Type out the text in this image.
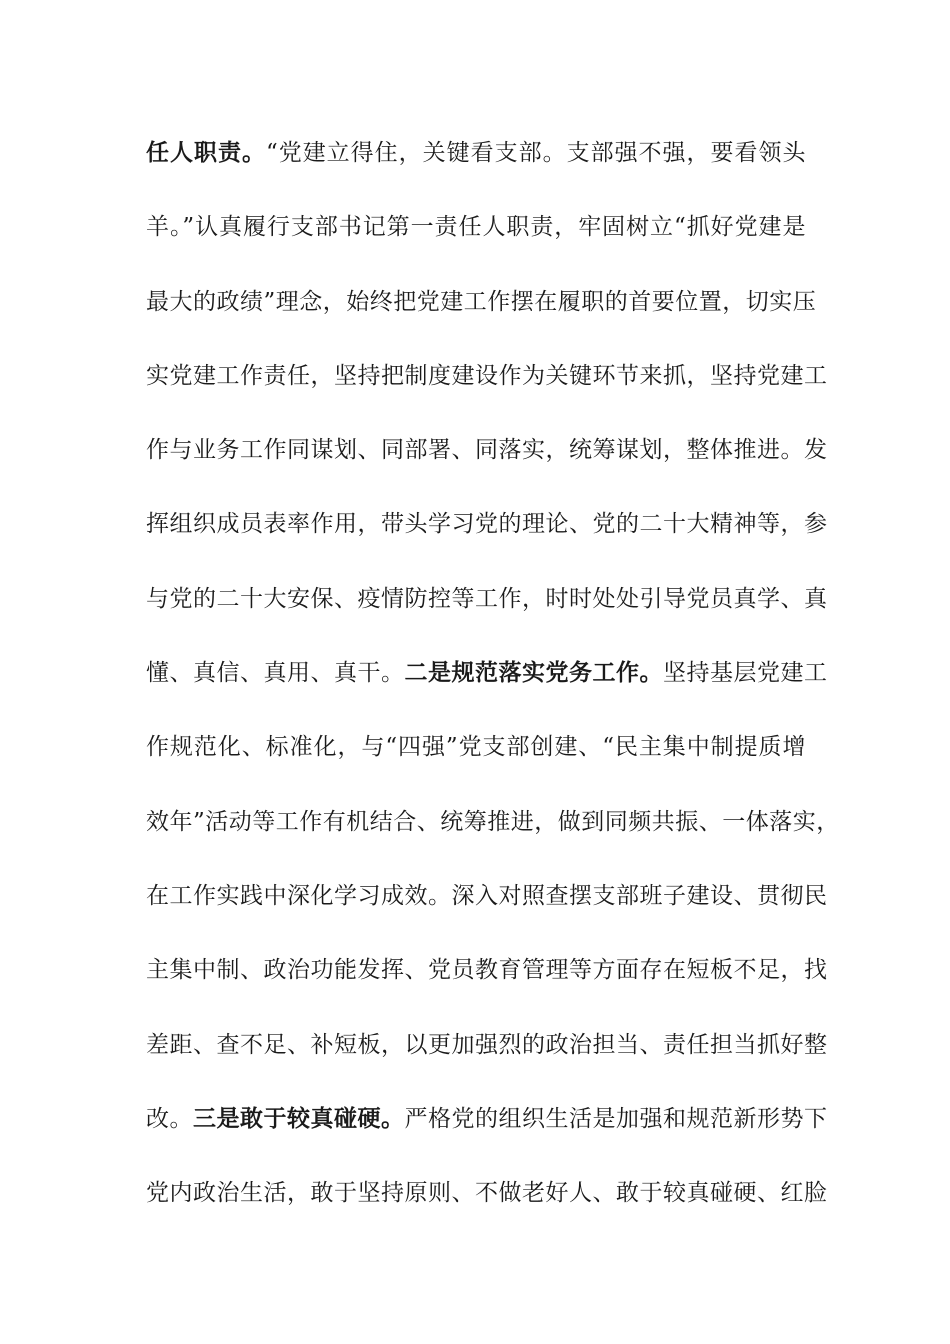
任人职责。“党建立得住，关键看支部。支部强不强，要看领头
羊。”认真履行支部书记第一责任人职责，牢固树立“抓好党建是
最大的政绩”理念，始终把党建工作摆在履职的首要位置，切实压
实党建工作责任，坚持把制度建设作为关键环节来抓，坚持党建工
作与业务工作同谋划、同部署、同落实，统筹谋划，整体推进。发
挥组织成员表率作用，带头学习党的理论、党的二十大精神等，参
与党的二十大安保、疫情防控等工作，时时处处引导党员真学、真
懂、真信、真用、真干。二是规范落实党务工作。坚持基层党建工
作规范化、标准化，与“四强”党支部创建、“民主集中制提质增
效年”活动等工作有机结合、统筹推进，做到同频共振、一体落实，
在工作实践中深化学习成效。深入对照查摆支部班子建设、贯彻民
主集中制、政治功能发挥、党员教育管理等方面存在短板不足，找
差距、查不足、补短板，以更加强烈的政治担当、责任担当抓好整
改。三是敢于较真碰硬。严格党的组织生活是加强和规范新形势下
党内政治生活，敢于坚持原则、不做老好人、敢于较真碰硬、红脸
